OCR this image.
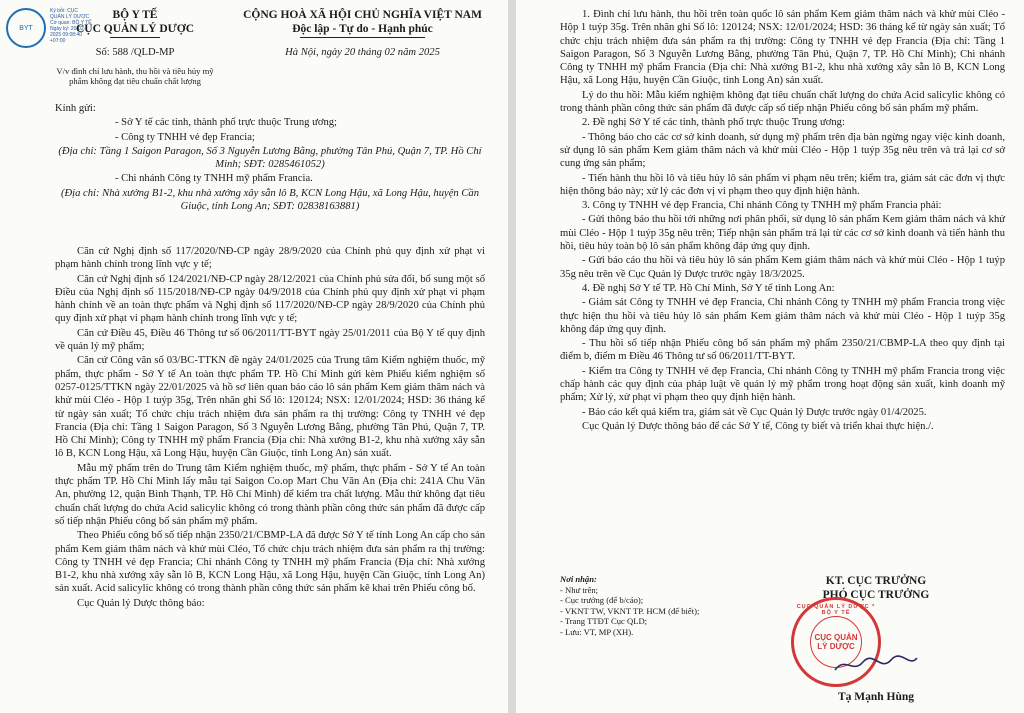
BYT
Ký bởi: CỤC QUẢN LÝ DƯỢC Cơ quan: BỘ Y TẾ Ngày ký: 20-02-2025 09:08:40 +07:00
BỘ Y TẾ
CỤC QUẢN LÝ DƯỢC
Số: 588 /QLD-MP
V/v đình chỉ lưu hành, thu hồi và tiêu hủy mỹ phẩm không đạt tiêu chuẩn chất lượng
CỘNG HOÀ XÃ HỘI CHỦ NGHĨA VIỆT NAM
Độc lập - Tự do - Hạnh phúc
Hà Nội, ngày 20 tháng 02 năm 2025

Kính gửi:

- Sở Y tế các tỉnh, thành phố trực thuộc Trung ương;

- Công ty TNHH vẻ đẹp Francia;

(Địa chỉ: Tầng 1 Saigon Paragon, Số 3 Nguyễn Lương Bằng, phường Tân Phú, Quận 7, TP. Hồ Chí Minh; SĐT: 0285461052)

- Chi nhánh Công ty TNHH mỹ phẩm Francia.

(Địa chỉ: Nhà xưởng B1-2, khu nhà xưởng xây sẵn lô B, KCN Long Hậu, xã Long Hậu, huyện Cần Giuộc, tỉnh Long An; SĐT: 02838163881)

Căn cứ Nghị định số 117/2020/NĐ-CP ngày 28/9/2020 của Chính phủ quy định xử phạt vi phạm hành chính trong lĩnh vực y tế;

Căn cứ Nghị định số 124/2021/NĐ-CP ngày 28/12/2021 của Chính phủ sửa đổi, bổ sung một số Điều của Nghị định số 115/2018/NĐ-CP ngày 04/9/2018 của Chính phủ quy định xử phạt vi phạm hành chính về an toàn thực phẩm và Nghị định số 117/2020/NĐ-CP ngày 28/9/2020 của Chính phủ quy định xử phạt vi phạm hành chính trong lĩnh vực y tế;

Căn cứ Điều 45, Điều 46 Thông tư số 06/2011/TT-BYT ngày 25/01/2011 của Bộ Y tế quy định về quản lý mỹ phẩm;

Căn cứ Công văn số 03/BC-TTKN đề ngày 24/01/2025 của Trung tâm Kiểm nghiệm thuốc, mỹ phẩm, thực phẩm - Sở Y tế An toàn thực phẩm TP. Hồ Chí Minh gửi kèm Phiếu kiểm nghiệm số 0257-0125/TTKN ngày 22/01/2025 và hồ sơ liên quan báo cáo lô sản phẩm Kem giảm thâm nách và khử mùi Cléo - Hộp 1 tuýp 35g, Trên nhãn ghi Số lô: 120124; NSX: 12/01/2024; HSD: 36 tháng kể từ ngày sản xuất; Tổ chức chịu trách nhiệm đưa sản phẩm ra thị trường: Công ty TNHH vẻ đẹp Francia (Địa chỉ: Tầng 1 Saigon Paragon, Số 3 Nguyễn Lương Bằng, phường Tân Phú, Quận 7, TP. Hồ Chí Minh); Công ty TNHH mỹ phẩm Francia (Địa chỉ: Nhà xưởng B1-2, khu nhà xưởng xây sẵn lô B, KCN Long Hậu, xã Long Hậu, huyện Cần Giuộc, tỉnh Long An) sản xuất.

Mẫu mỹ phẩm trên do Trung tâm Kiểm nghiệm thuốc, mỹ phẩm, thực phẩm - Sở Y tế An toàn thực phẩm TP. Hồ Chí Minh lấy mẫu tại Saigon Co.op Mart Chu Văn An (Địa chỉ: 241A Chu Văn An, phường 12, quận Bình Thạnh, TP. Hồ Chí Minh) để kiểm tra chất lượng. Mẫu thử không đạt tiêu chuẩn chất lượng do chứa Acid salicylic không có trong thành phần công thức sản phẩm đã được cấp số tiếp nhận Phiếu công bố sản phẩm mỹ phẩm.

Theo Phiếu công bố số tiếp nhận 2350/21/CBMP-LA đã được Sở Y tế tỉnh Long An cấp cho sản phẩm Kem giảm thâm nách và khử mùi Cléo, Tổ chức chịu trách nhiệm đưa sản phẩm ra thị trường: Công ty TNHH vẻ đẹp Francia; Chi nhánh Công ty TNHH mỹ phẩm Francia (Địa chỉ: Nhà xưởng B1-2, khu nhà xưởng xây sẵn lô B, KCN Long Hậu, xã Long Hậu, huyện Cần Giuộc, tỉnh Long An) sản xuất. Acid salicylic không có trong thành phần công thức sản phẩm kê khai trên Phiếu công bố.

Cục Quản lý Dược thông báo:

1. Đình chỉ lưu hành, thu hồi trên toàn quốc lô sản phẩm Kem giảm thâm nách và khử mùi Cléo - Hộp 1 tuýp 35g. Trên nhãn ghi Số lô: 120124; NSX: 12/01/2024; HSD: 36 tháng kể từ ngày sản xuất; Tổ chức chịu trách nhiệm đưa sản phẩm ra thị trường: Công ty TNHH vẻ đẹp Francia (Địa chỉ: Tầng 1 Saigon Paragon, Số 3 Nguyễn Lương Bằng, phường Tân Phú, Quận 7, TP. Hồ Chí Minh); Chi nhánh Công ty TNHH mỹ phẩm Francia (Địa chỉ: Nhà xưởng B1-2, khu nhà xưởng xây sẵn lô B, KCN Long Hậu, xã Long Hậu, huyện Cần Giuộc, tỉnh Long An) sản xuất.

Lý do thu hồi: Mẫu kiểm nghiệm không đạt tiêu chuẩn chất lượng do chứa Acid salicylic không có trong thành phần công thức sản phẩm đã được cấp số tiếp nhận Phiếu công bố sản phẩm mỹ phẩm.

2. Đề nghị Sở Y tế các tỉnh, thành phố trực thuộc Trung ương:

- Thông báo cho các cơ sở kinh doanh, sử dụng mỹ phẩm trên địa bàn ngừng ngay việc kinh doanh, sử dụng lô sản phẩm Kem giảm thâm nách và khử mùi Cléo - Hộp 1 tuýp 35g nêu trên và trả lại cơ sở cung ứng sản phẩm;

- Tiến hành thu hồi lô và tiêu hủy lô sản phẩm vi phạm nêu trên; kiểm tra, giám sát các đơn vị thực hiện thông báo này; xử lý các đơn vị vi phạm theo quy định hiện hành.

3. Công ty TNHH vẻ đẹp Francia, Chi nhánh Công ty TNHH mỹ phẩm Francia phải:

- Gửi thông báo thu hồi tới những nơi phân phối, sử dụng lô sản phẩm Kem giảm thâm nách và khử mùi Cléo - Hộp 1 tuýp 35g nêu trên; Tiếp nhận sản phẩm trả lại từ các cơ sở kinh doanh và tiến hành thu hồi, tiêu hủy toàn bộ lô sản phẩm không đáp ứng quy định.

- Gửi báo cáo thu hồi và tiêu hủy lô sản phẩm Kem giảm thâm nách và khử mùi Cléo - Hộp 1 tuýp 35g nêu trên về Cục Quản lý Dược trước ngày 18/3/2025.

4. Đề nghị Sở Y tế TP. Hồ Chí Minh, Sở Y tế tỉnh Long An:

- Giám sát Công ty TNHH vẻ đẹp Francia, Chi nhánh Công ty TNHH mỹ phẩm Francia trong việc thực hiện thu hồi và tiêu hủy lô sản phẩm Kem giảm thâm nách và khử mùi Cléo - Hộp 1 tuýp 35g không đáp ứng quy định.

- Thu hồi số tiếp nhận Phiếu công bố sản phẩm mỹ phẩm 2350/21/CBMP-LA theo quy định tại điểm b, điểm m Điều 46 Thông tư số 06/2011/TT-BYT.

- Kiểm tra Công ty TNHH vẻ đẹp Francia, Chi nhánh Công ty TNHH mỹ phẩm Francia trong việc chấp hành các quy định của pháp luật về quản lý mỹ phẩm trong hoạt động sản xuất, kinh doanh mỹ phẩm; Xử lý, xử phạt vi phạm theo quy định hiện hành.

- Báo cáo kết quả kiểm tra, giám sát về Cục Quản lý Dược trước ngày 01/4/2025.

Cục Quản lý Dược thông báo để các Sở Y tế, Công ty biết và triển khai thực hiện./.

Nơi nhận:
- Như trên;
- Cục trưởng (để b/cáo);
- VKNT TW, VKNT TP. HCM (để biết);
- Trang TTĐT Cục QLD;
- Lưu: VT, MP (XH).
KT. CỤC TRƯỞNG
PHÓ CỤC TRƯỞNG
CỤC QUẢN LÝ DƯỢC * BỘ Y TẾ
CỤC QUẢN LÝ DƯỢC
Tạ Mạnh Hùng
